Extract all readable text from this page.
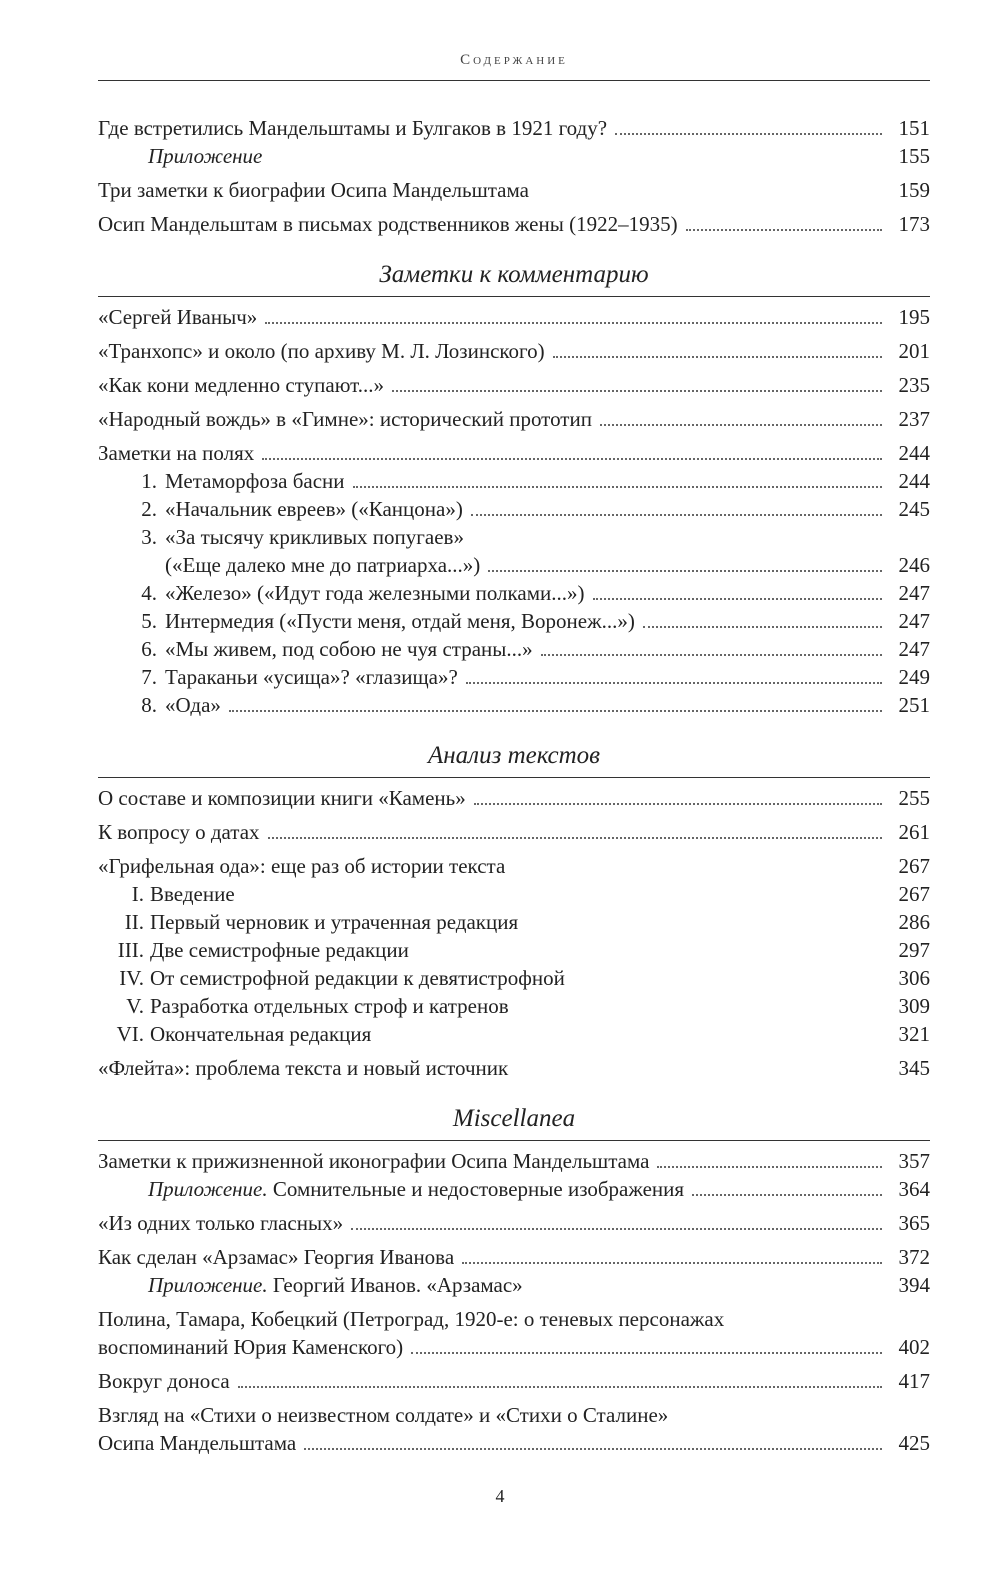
Содержание
Где встретились Мандельштамы и Булгаков в 1921 году?	151
Приложение	155
Три заметки к биографии Осипа Мандельштама	159
Осип Мандельштам в письмах родственников жены (1922–1935)	173
Заметки к комментарию
«Сергей Иваныч»	195
«Транхопс» и около (по архиву М. Л. Лозинского)	201
«Как кони медленно ступают...»	235
«Народный вождь» в «Гимне»: исторический прототип	237
Заметки на полях	244
1. Метаморфоза басни	244
2. «Начальник евреев» («Канцона»)	245
3. «За тысячу крикливых попугаев»
(«Еще далеко мне до патриарха...»)	246
4. «Железо» («Идут года железными полками...»)	247
5. Интермедия («Пусти меня, отдай меня, Воронеж...»)	247
6. «Мы живем, под собою не чуя страны...»	247
7. Тараканьи «усища»? «глазища»?	249
8. «Ода»	251
Анализ текстов
О составе и композиции книги «Камень»	255
К вопросу о датах	261
«Грифельная ода»: еще раз об истории текста	267
I. Введение	267
II. Первый черновик и утраченная редакция	286
III. Две семистрофные редакции	297
IV. От семистрофной редакции к девятистрофной	306
V. Разработка отдельных строф и катренов	309
VI. Окончательная редакция	321
«Флейта»: проблема текста и новый источник	345
Miscellanea
Заметки к прижизненной иконографии Осипа Мандельштама	357
Приложение. Сомнительные и недостоверные изображения	364
«Из одних только гласных»	365
Как сделан «Арзамас» Георгия Иванова	372
Приложение. Георгий Иванов. «Арзамас»	394
Полина, Тамара, Кобецкий (Петроград, 1920-е: о теневых персонажах
воспоминаний Юрия Каменского)	402
Вокруг доноса	417
Взгляд на «Стихи о неизвестном солдате» и «Стихи о Сталине»
Осипа Мандельштама	425
4
